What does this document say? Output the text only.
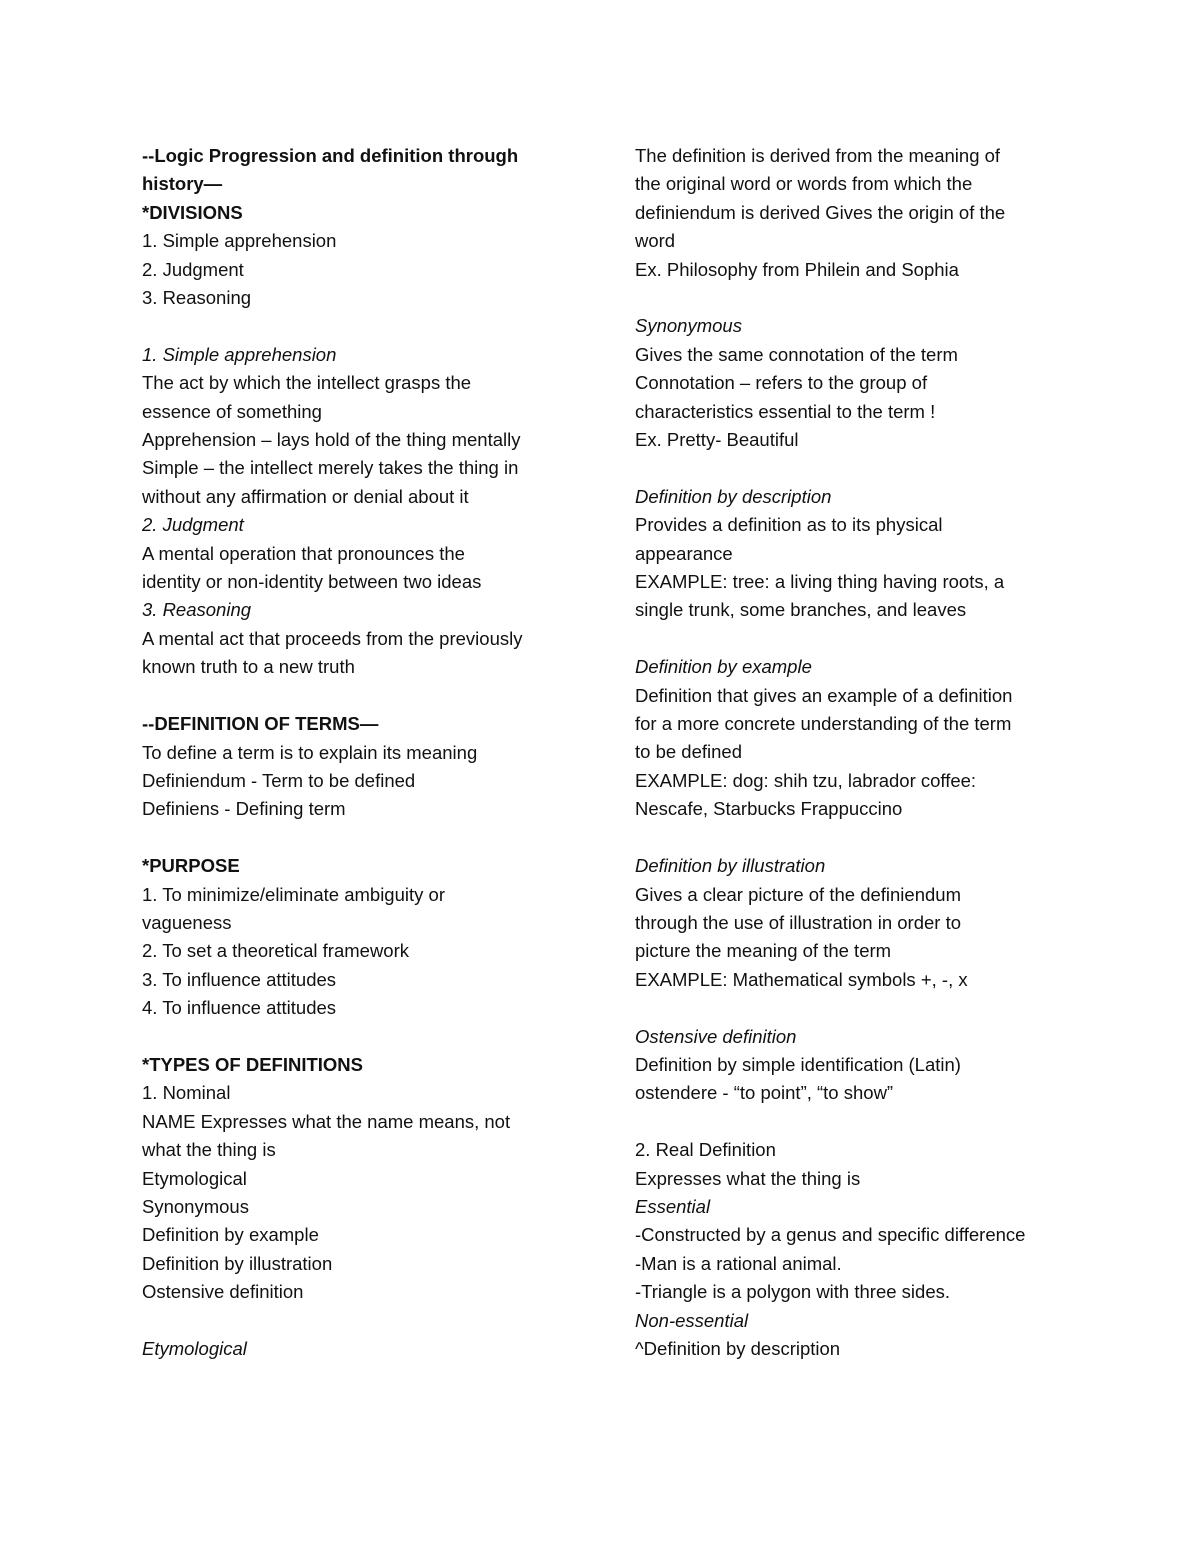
--Logic Progression and definition through
history—
*DIVISIONS
1. Simple apprehension
2. Judgment
3. Reasoning
1. Simple apprehension
The act by which the intellect grasps the
essence of something
Apprehension – lays hold of the thing mentally
Simple – the intellect merely takes the thing in
without any affirmation or denial about it
2. Judgment
A mental operation that pronounces the
identity or non-identity between two ideas
3. Reasoning
A mental act that proceeds from the previously
known truth to a new truth
--DEFINITION OF TERMS—
To define a term is to explain its meaning
Definiendum - Term to be defined
Definiens - Defining term
*PURPOSE
1. To minimize/eliminate ambiguity or
vagueness
2. To set a theoretical framework
3. To influence attitudes
4. To influence attitudes
*TYPES OF DEFINITIONS
1. Nominal
NAME Expresses what the name means, not
what the thing is
Etymological
Synonymous
Definition by example
Definition by illustration
Ostensive definition
Etymological
The definition is derived from the meaning of
the original word or words from which the
definiendum is derived Gives the origin of the
word
Ex. Philosophy from Philein and Sophia
Synonymous
Gives the same connotation of the term
Connotation – refers to the group of
characteristics essential to the term !
Ex. Pretty- Beautiful
Definition by description
Provides a definition as to its physical
appearance
EXAMPLE: tree: a living thing having roots, a
single trunk, some branches, and leaves
Definition by example
Definition that gives an example of a definition
for a more concrete understanding of the term
to be defined
EXAMPLE: dog: shih tzu, labrador coffee:
Nescafe, Starbucks Frappuccino
Definition by illustration
Gives a clear picture of the definiendum
through the use of illustration in order to
picture the meaning of the term
EXAMPLE: Mathematical symbols +, -, x
Ostensive definition
Definition by simple identification (Latin)
ostendere - “to point”, “to show”
2. Real Definition
Expresses what the thing is
Essential
-Constructed by a genus and specific difference
-Man is a rational animal.
-Triangle is a polygon with three sides.
Non-essential
^Definition by description
